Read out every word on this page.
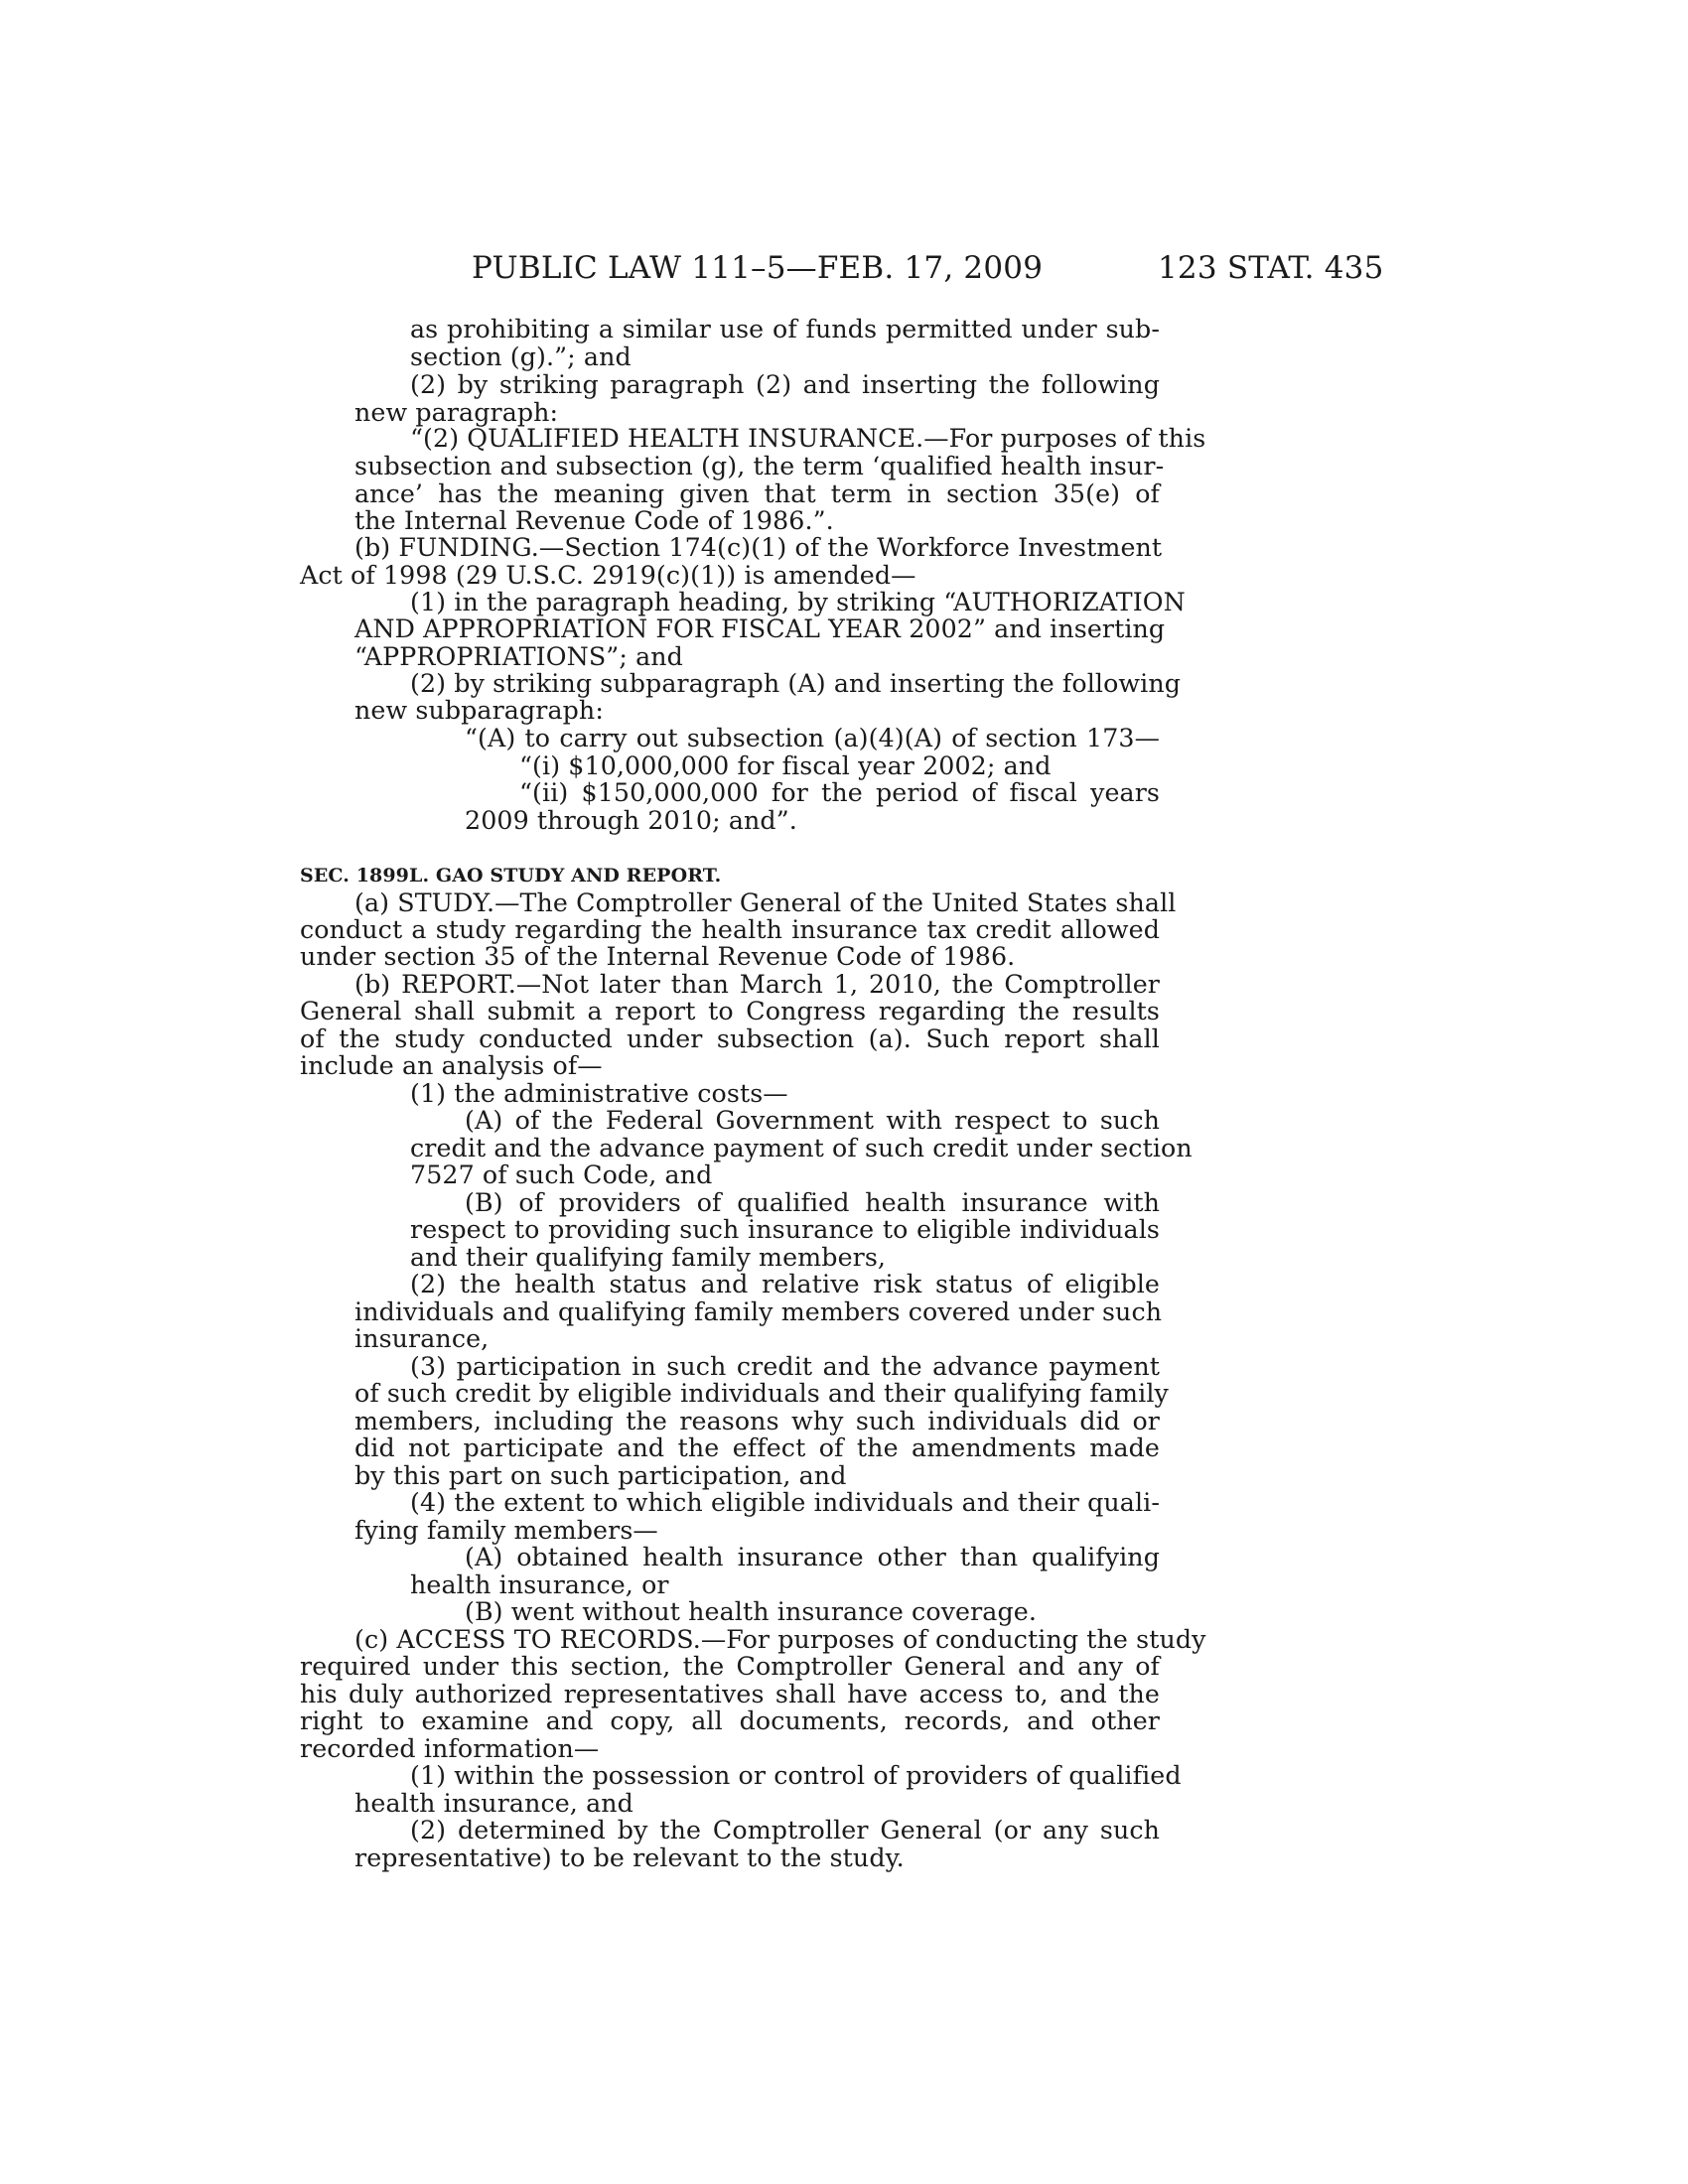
PUBLIC LAW 111–5—FEB. 17, 2009	123 STAT. 435
as prohibiting a similar use of funds permitted under sub-
section (g).”; and
(2) by striking paragraph (2) and inserting the following
new paragraph:
“(2) QUALIFIED HEALTH INSURANCE.—For purposes of this
subsection and subsection (g), the term ‘qualified health insur-
ance’ has the meaning given that term in section 35(e) of
the Internal Revenue Code of 1986.”.
(b) FUNDING.—Section 174(c)(1) of the Workforce Investment
Act of 1998 (29 U.S.C. 2919(c)(1)) is amended—
(1) in the paragraph heading, by striking “AUTHORIZATION
AND APPROPRIATION FOR FISCAL YEAR 2002” and inserting
“APPROPRIATIONS”; and
(2) by striking subparagraph (A) and inserting the following
new subparagraph:
“(A) to carry out subsection (a)(4)(A) of section 173—
“(i) $10,000,000 for fiscal year 2002; and
“(ii) $150,000,000 for the period of fiscal years
2009 through 2010; and”.
SEC. 1899L. GAO STUDY AND REPORT.
(a) STUDY.—The Comptroller General of the United States shall
conduct a study regarding the health insurance tax credit allowed
under section 35 of the Internal Revenue Code of 1986.
(b) REPORT.—Not later than March 1, 2010, the Comptroller
General shall submit a report to Congress regarding the results
of the study conducted under subsection (a). Such report shall
include an analysis of—
(1) the administrative costs—
(A) of the Federal Government with respect to such
credit and the advance payment of such credit under section
7527 of such Code, and
(B) of providers of qualified health insurance with
respect to providing such insurance to eligible individuals
and their qualifying family members,
(2) the health status and relative risk status of eligible
individuals and qualifying family members covered under such
insurance,
(3) participation in such credit and the advance payment
of such credit by eligible individuals and their qualifying family
members, including the reasons why such individuals did or
did not participate and the effect of the amendments made
by this part on such participation, and
(4) the extent to which eligible individuals and their quali-
fying family members—
(A) obtained health insurance other than qualifying
health insurance, or
(B) went without health insurance coverage.
(c) ACCESS TO RECORDS.—For purposes of conducting the study
required under this section, the Comptroller General and any of
his duly authorized representatives shall have access to, and the
right to examine and copy, all documents, records, and other
recorded information—
(1) within the possession or control of providers of qualified
health insurance, and
(2) determined by the Comptroller General (or any such
representative) to be relevant to the study.
